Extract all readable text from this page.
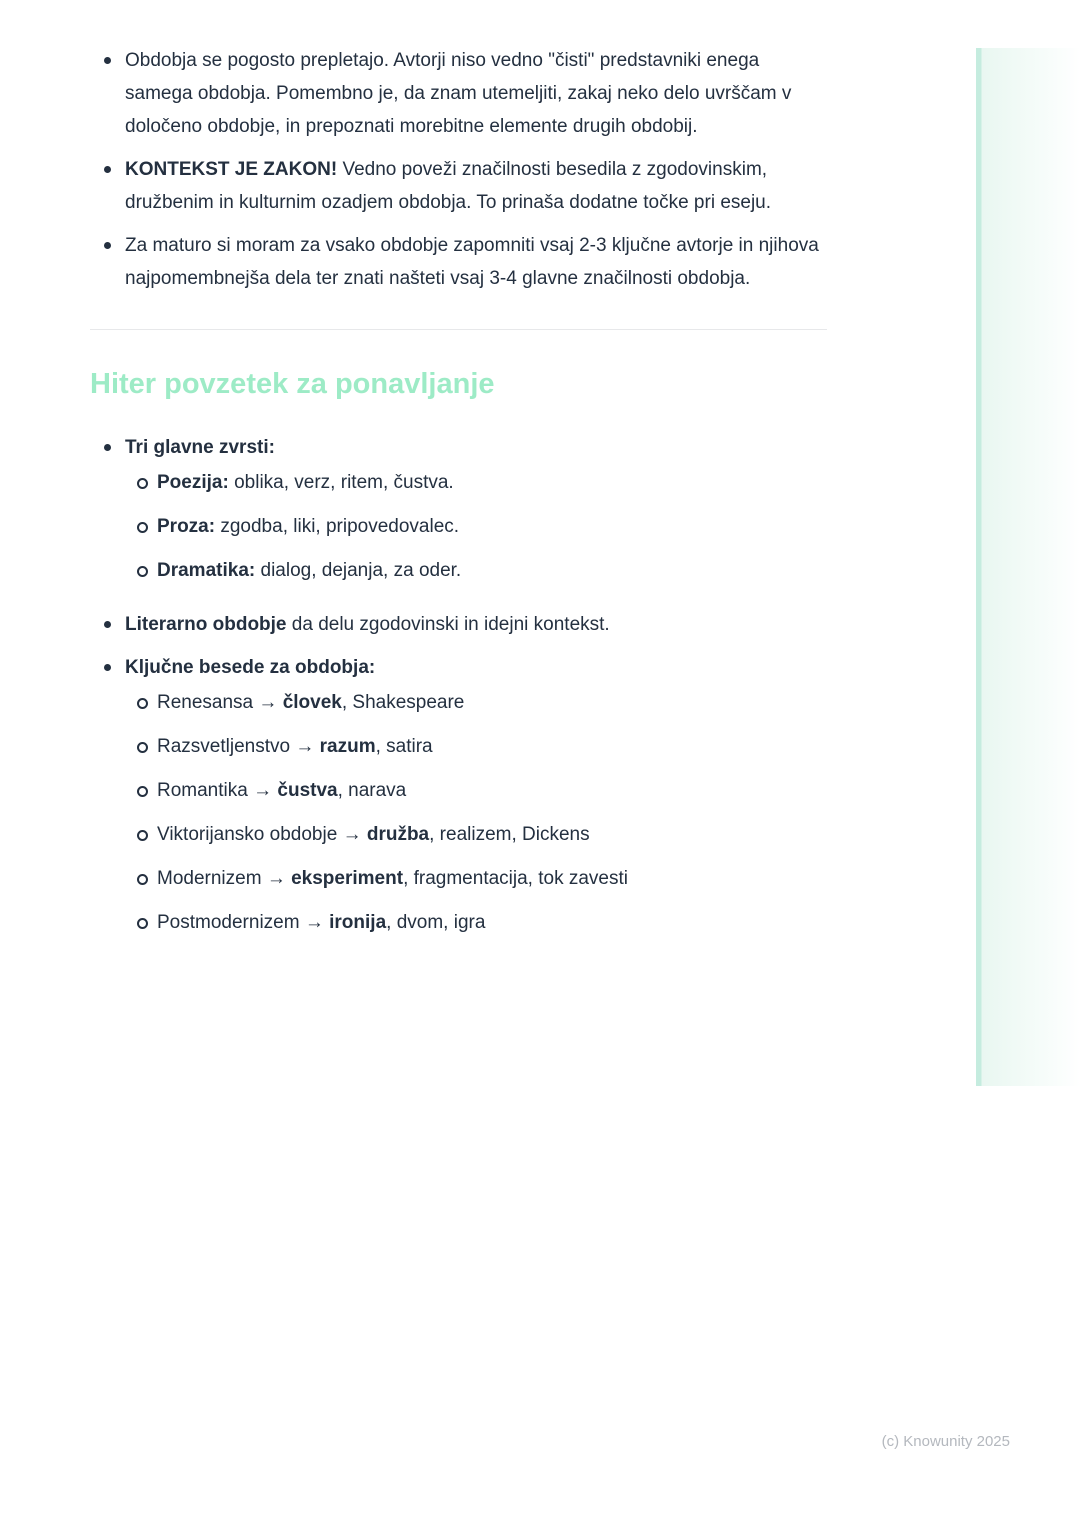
Obdobja se pogosto prepletajo. Avtorji niso vedno "čisti" predstavniki enega samega obdobja. Pomembno je, da znam utemeljiti, zakaj neko delo uvrščam v določeno obdobje, in prepoznati morebitne elemente drugih obdobij.
KONTEKST JE ZAKON! Vedno poveži značilnosti besedila z zgodovinskim, družbenim in kulturnim ozadjem obdobja. To prinaša dodatne točke pri eseju.
Za maturo si moram za vsako obdobje zapomniti vsaj 2-3 ključne avtorje in njihova najpomembnejša dela ter znati našteti vsaj 3-4 glavne značilnosti obdobja.
Hiter povzetek za ponavljanje
Tri glavne zvrsti:
Poezija: oblika, verz, ritem, čustva.
Proza: zgodba, liki, pripovedovalec.
Dramatika: dialog, dejanja, za oder.
Literarno obdobje da delu zgodovinski in idejni kontekst.
Ključne besede za obdobja:
Renesansa → človek, Shakespeare
Razsvetljenstvo → razum, satira
Romantika → čustva, narava
Viktorijansko obdobje → družba, realizem, Dickens
Modernizem → eksperiment, fragmentacija, tok zavesti
Postmodernizem → ironija, dvom, igra
(c) Knowunity 2025
